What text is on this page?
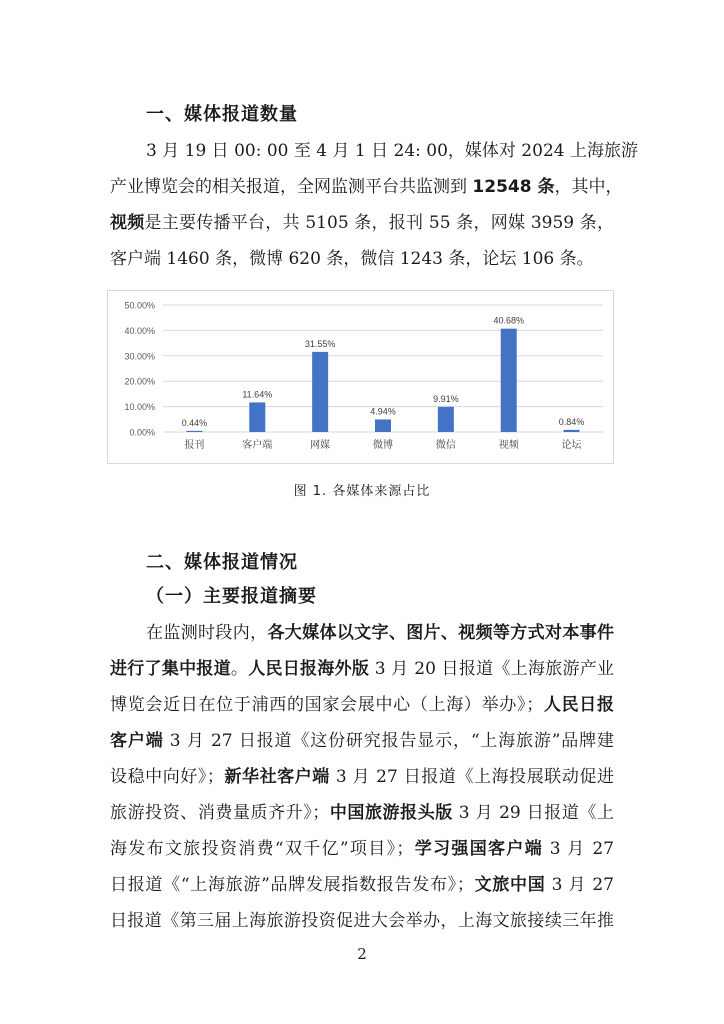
一、媒体报道数量
3 月 19 日 00: 00 至 4 月 1 日 24: 00，媒体对 2024 上海旅游
产业博览会的相关报道，全网监测平台共监测到 12548 条，其中，
视频是主要传播平台，共 5105 条，报刊 55 条，网媒 3959 条，
客户端 1460 条，微博 620 条，微信 1243 条，论坛 106 条。
0.00%
10.00%
20.00%
30.00%
40.00%
50.00%
0.44%
报刊
11.64%
客户端
31.55%
网媒
4.94%
微博
9.91%
微信
40.68%
视频
0.84%
论坛
图 1. 各媒体来源占比
二、媒体报道情况
（一）主要报道摘要
在监测时段内，各大媒体以文字、图片、视频等方式对本事件
进行了集中报道。人民日报海外版 3 月 20 日报道《上海旅游产业
博览会近日在位于浦西的国家会展中心（上海）举办》；人民日报
客户端 3 月 27 日报道《这份研究报告显示，“上海旅游”品牌建
设稳中向好》；新华社客户端 3 月 27 日报道《上海投展联动促进
旅游投资、消费量质齐升》；中国旅游报头版 3 月 29 日报道《上
海发布文旅投资消费“双千亿”项目》；学习强国客户端 3 月 27
日报道《“上海旅游”品牌发展指数报告发布》；文旅中国 3 月 27
日报道《第三届上海旅游投资促进大会举办，上海文旅接续三年推
2
